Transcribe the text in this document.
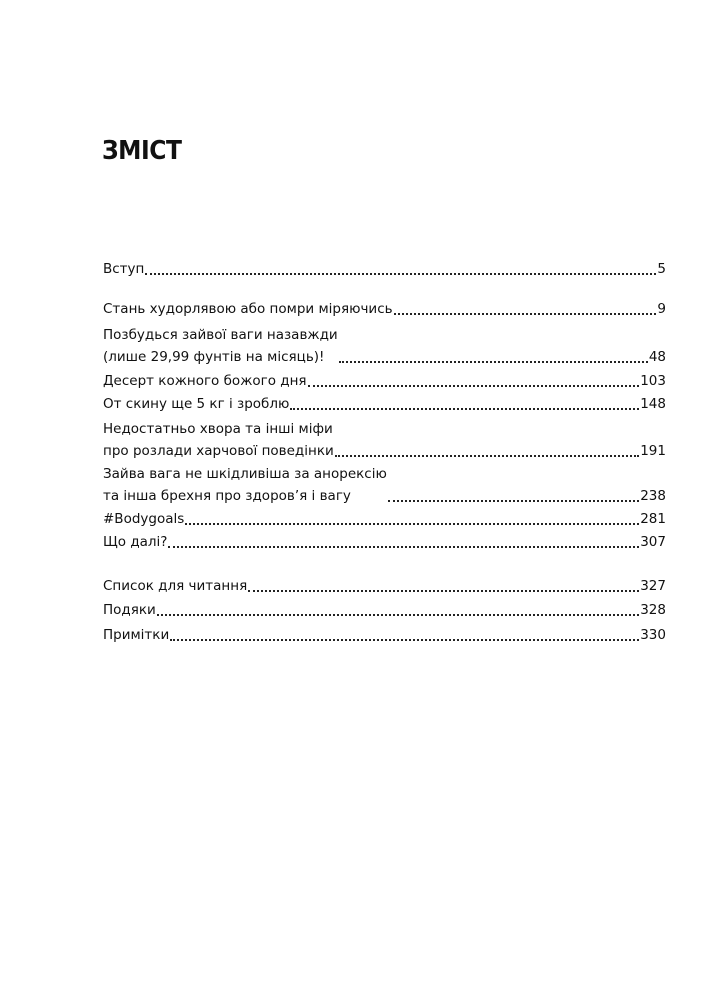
ЗМІСТ
Вступ	5
Стань худорлявою або помри міряючись	9
Позбудься зайвої ваги назавжди
(лише 29,99 фунтів на місяць)!	48
Десерт кожного божого дня	103
От скину ще 5 кг і зроблю	148
Недостатньо хвора та інші міфи
про розлади харчової поведінки	191
Зайва вага не шкідливіша за анорексію
та інша брехня про здоров’я і вагу	238
#Bodygoals	281
Що далі?	307
Список для читання	327
Подяки	328
Примітки	330
